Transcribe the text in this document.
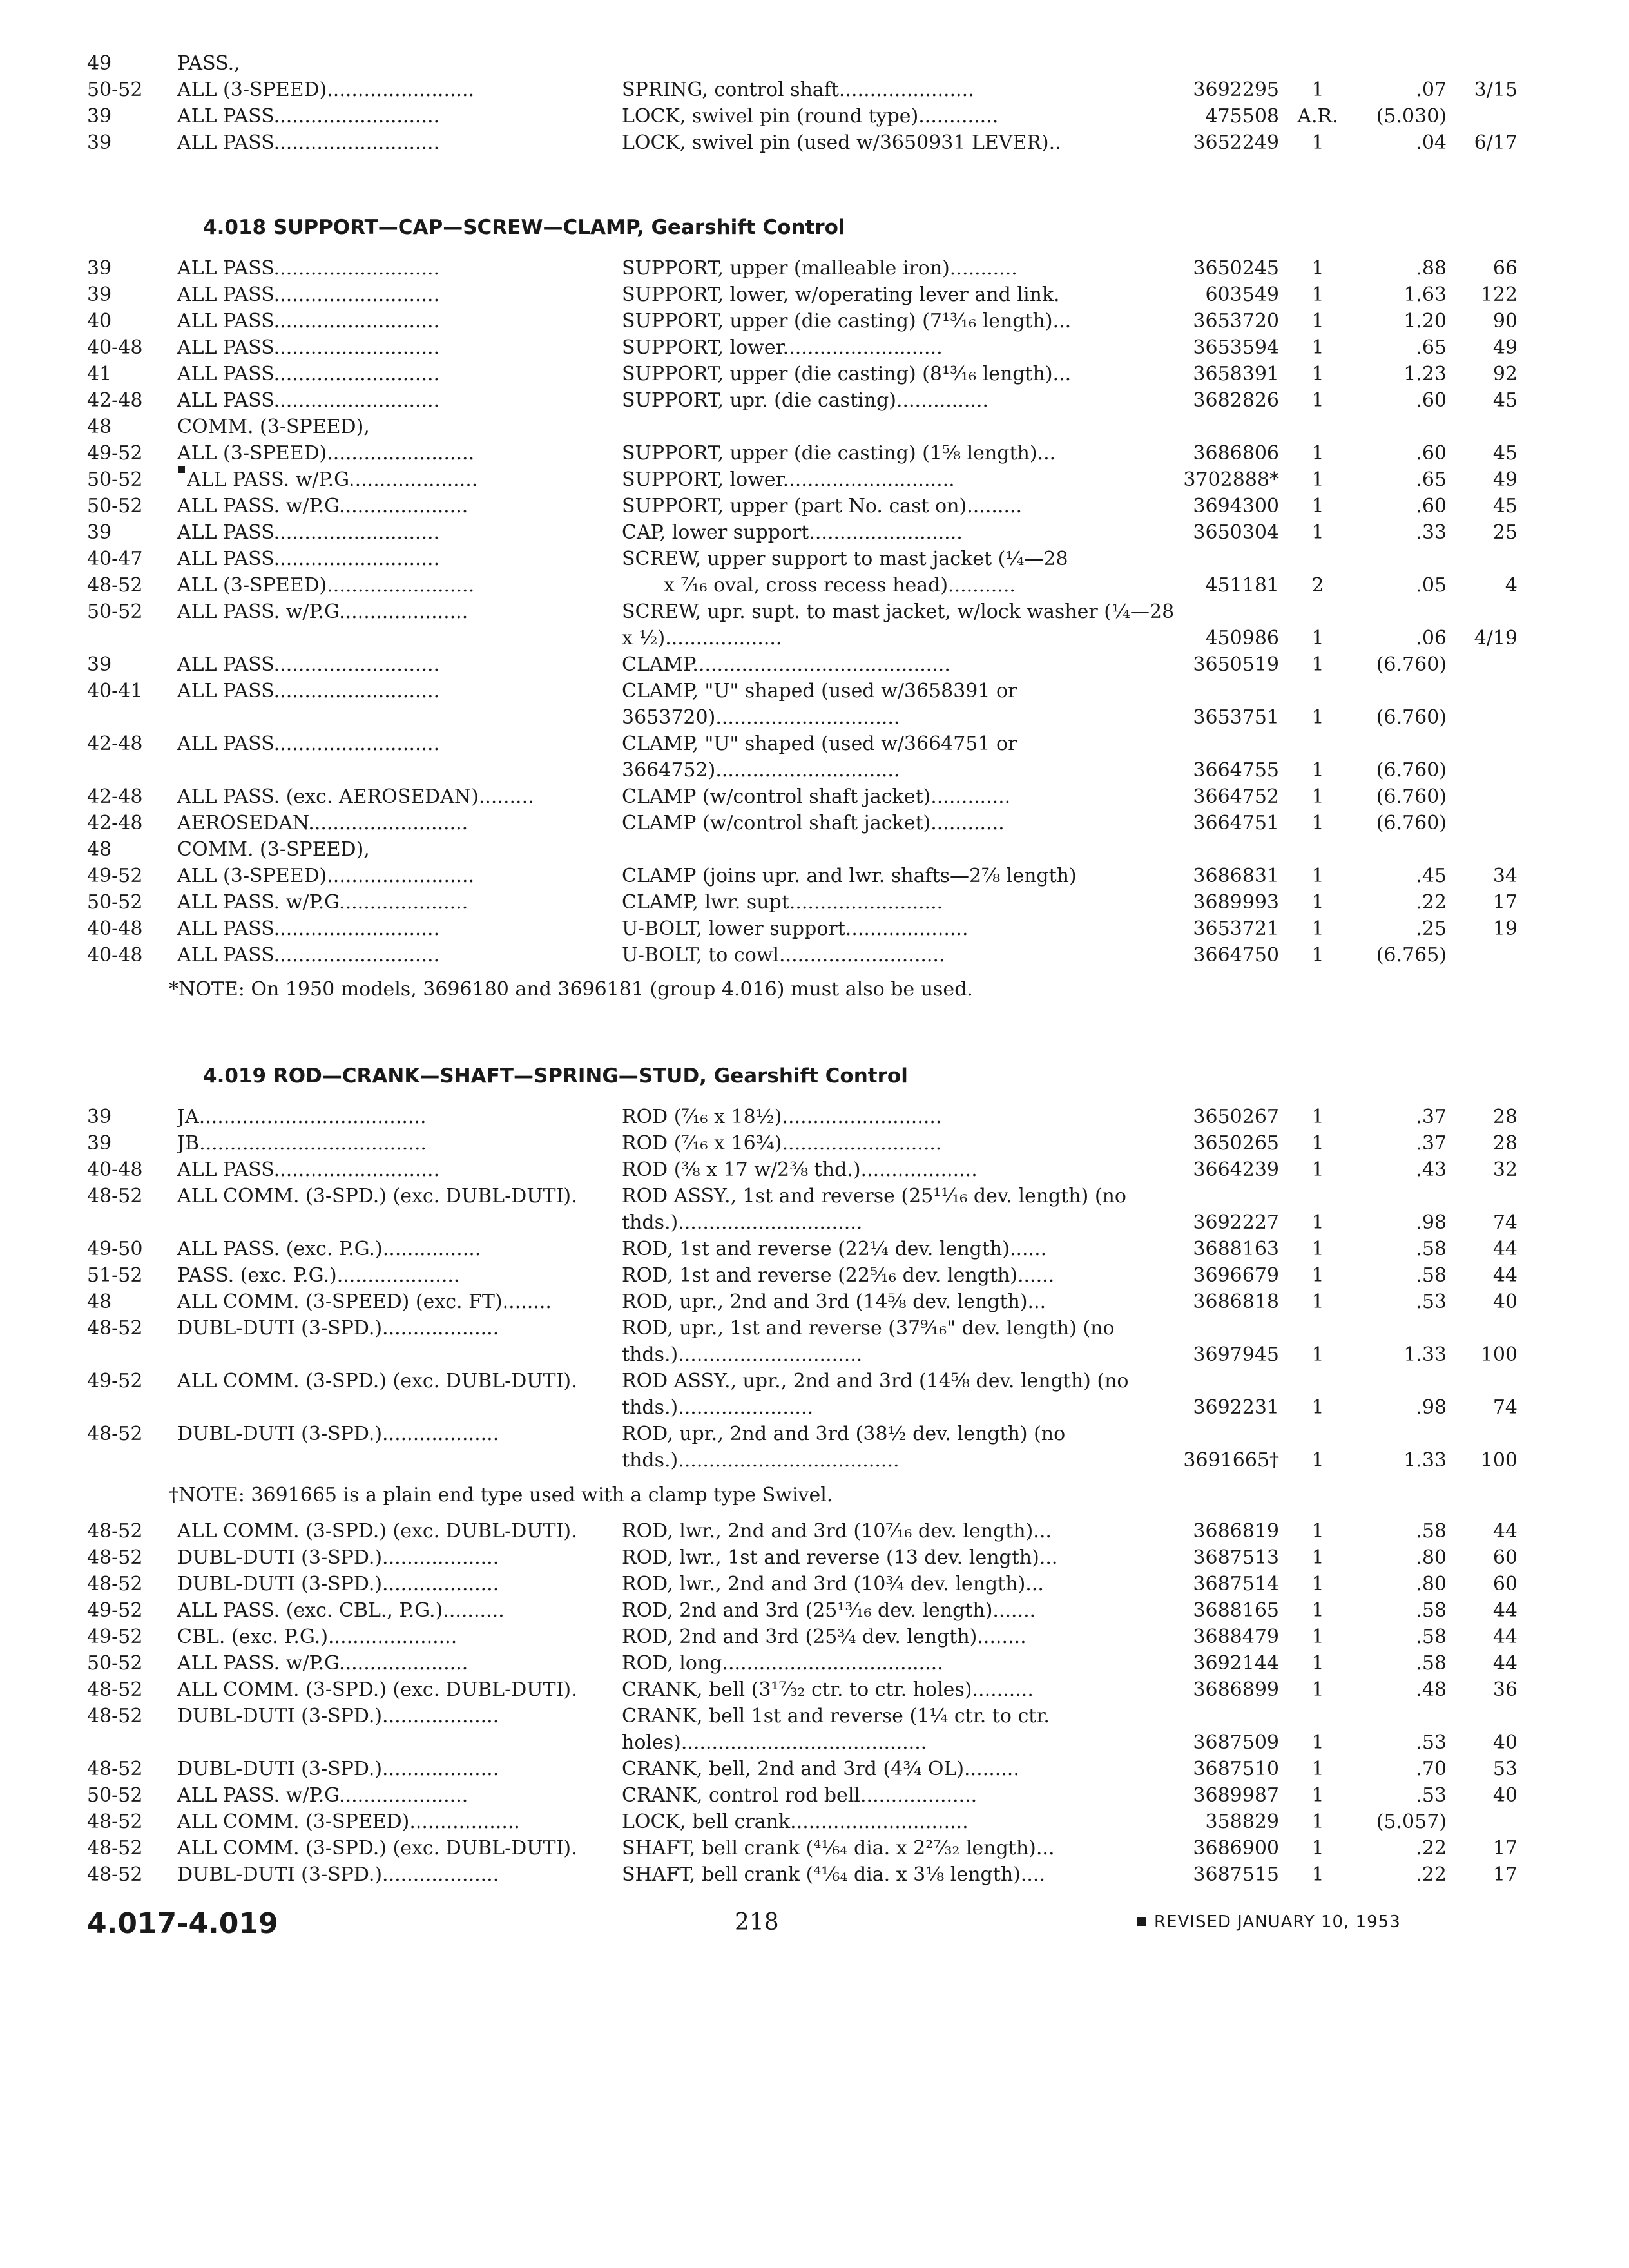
49	PASS.,
50-52	ALL (3-SPEED)........................	SPRING, control shaft......................	3692295	1	.07	3/15
39	ALL PASS...........................	LOCK, swivel pin (round type).............	475508 A.R.	(5.030)
39	ALL PASS...........................	LOCK, swivel pin (used w/3650931 LEVER)..	3652249	1	.04	6/17
4.018 SUPPORT—CAP—SCREW—CLAMP, Gearshift Control
39	ALL PASS...........................	SUPPORT, upper (malleable iron)...........	3650245	1	.88	66
39	ALL PASS...........................	SUPPORT, lower, w/operating lever and link.	603549	1	1.63	122
40	ALL PASS...........................	SUPPORT, upper (die casting) (7¹³⁄₁₆ length)...	3653720	1	1.20	90
40-48	ALL PASS...........................	SUPPORT, lower..........................	3653594	1	.65	49
41	ALL PASS...........................	SUPPORT, upper (die casting) (8¹³⁄₁₆ length)...	3658391	1	1.23	92
42-48	ALL PASS...........................	SUPPORT, upr. (die casting)...............	3682826	1	.60	45
48	COMM. (3-SPEED),
49-52	ALL (3-SPEED)........................	SUPPORT, upper (die casting) (1⅝ length)...	3686806	1	.60	45
50-52	ALL PASS. w/P.G.....................	SUPPORT, lower............................	3702888*	1	.65	49
50-52	ALL PASS. w/P.G.....................	SUPPORT, upper (part No. cast on).........	3694300	1	.60	45
39	ALL PASS...........................	CAP, lower support.........................	3650304	1	.33	25
40-47	ALL PASS...........................	SCREW, upper support to mast jacket (¼—28
48-52	ALL (3-SPEED)........................	x ⁷⁄₁₆ oval, cross recess head)...........	451181	2	.05	4
50-52	ALL PASS. w/P.G.....................	SCREW, upr. supt. to mast jacket, w/lock washer (¼—28 x ½)...................	450986	1	.06	4/19
39	ALL PASS...........................	CLAMP..........................................	3650519	1	(6.760)
40-41	ALL PASS...........................	CLAMP, "U" shaped (used w/3658391 or 3653720)..............................	3653751	1	(6.760)
42-48	ALL PASS...........................	CLAMP, "U" shaped (used w/3664751 or 3664752)..............................	3664755	1	(6.760)
42-48	ALL PASS. (exc. AEROSEDAN).........	CLAMP (w/control shaft jacket).............	3664752	1	(6.760)
42-48	AEROSEDAN..........................	CLAMP (w/control shaft jacket)............	3664751	1	(6.760)
48	COMM. (3-SPEED),
49-52	ALL (3-SPEED)........................	CLAMP (joins upr. and lwr. shafts—2⅞ length)	3686831	1	.45	34
50-52	ALL PASS. w/P.G.....................	CLAMP, lwr. supt.........................	3689993	1	.22	17
40-48	ALL PASS...........................	U-BOLT, lower support....................	3653721	1	.25	19
40-48	ALL PASS...........................	U-BOLT, to cowl...........................	3664750	1	(6.765)
*NOTE: On 1950 models, 3696180 and 3696181 (group 4.016) must also be used.
4.019 ROD—CRANK—SHAFT—SPRING—STUD, Gearshift Control
39	JA.....................................	ROD (⁷⁄₁₆ x 18½)..........................	3650267	1	.37	28
39	JB.....................................	ROD (⁷⁄₁₆ x 16¾)..........................	3650265	1	.37	28
40-48	ALL PASS...........................	ROD (⅜ x 17 w/2⅜ thd.)...................	3664239	1	.43	32
48-52	ALL COMM. (3-SPD.) (exc. DUBL-DUTI).	ROD ASSY., 1st and reverse (25¹¹⁄₁₆ dev. length) (no thds.)..............................	3692227	1	.98	74
49-50	ALL PASS. (exc. P.G.)................	ROD, 1st and reverse (22¼ dev. length)......	3688163	1	.58	44
51-52	PASS. (exc. P.G.)....................	ROD, 1st and reverse (22⁵⁄₁₆ dev. length)......	3696679	1	.58	44
48	ALL COMM. (3-SPEED) (exc. FT)........	ROD, upr., 2nd and 3rd (14⅝ dev. length)...	3686818	1	.53	40
48-52	DUBL-DUTI (3-SPD.)...................	ROD, upr., 1st and reverse (37⁹⁄₁₆" dev. length) (no thds.)..............................	3697945	1	1.33	100
49-52	ALL COMM. (3-SPD.) (exc. DUBL-DUTI).	ROD ASSY., upr., 2nd and 3rd (14⅝ dev. length) (no thds.)......................	3692231	1	.98	74
48-52	DUBL-DUTI (3-SPD.)...................	ROD, upr., 2nd and 3rd (38½ dev. length) (no thds.)....................................	3691665†	1	1.33	100
†NOTE: 3691665 is a plain end type used with a clamp type Swivel.
48-52	ALL COMM. (3-SPD.) (exc. DUBL-DUTI).	ROD, lwr., 2nd and 3rd (10⁷⁄₁₆ dev. length)...	3686819	1	.58	44
48-52	DUBL-DUTI (3-SPD.)...................	ROD, lwr., 1st and reverse (13 dev. length)...	3687513	1	.80	60
48-52	DUBL-DUTI (3-SPD.)...................	ROD, lwr., 2nd and 3rd (10¾ dev. length)...	3687514	1	.80	60
49-52	ALL PASS. (exc. CBL., P.G.)..........	ROD, 2nd and 3rd (25¹³⁄₁₆ dev. length).......	3688165	1	.58	44
49-52	CBL. (exc. P.G.).....................	ROD, 2nd and 3rd (25¾ dev. length)........	3688479	1	.58	44
50-52	ALL PASS. w/P.G.....................	ROD, long....................................	3692144	1	.58	44
48-52	ALL COMM. (3-SPD.) (exc. DUBL-DUTI).	CRANK, bell (3¹⁷⁄₃₂ ctr. to ctr. holes)..........	3686899	1	.48	36
48-52	DUBL-DUTI (3-SPD.)...................	CRANK, bell 1st and reverse (1¼ ctr. to ctr. holes)........................................	3687509	1	.53	40
48-52	DUBL-DUTI (3-SPD.)...................	CRANK, bell, 2nd and 3rd (4¾ OL).........	3687510	1	.70	53
50-52	ALL PASS. w/P.G.....................	CRANK, control rod bell...................	3689987	1	.53	40
48-52	ALL COMM. (3-SPEED)..................	LOCK, bell crank.............................	358829	1	(5.057)
48-52	ALL COMM. (3-SPD.) (exc. DUBL-DUTI).	SHAFT, bell crank (⁴¹⁄₆₄ dia. x 2²⁷⁄₃₂ length)...	3686900	1	.22	17
48-52	DUBL-DUTI (3-SPD.)...................	SHAFT, bell crank (⁴¹⁄₆₄ dia. x 3⅛ length)....	3687515	1	.22	17
4.017-4.019	218	REVISED JANUARY 10, 1953
